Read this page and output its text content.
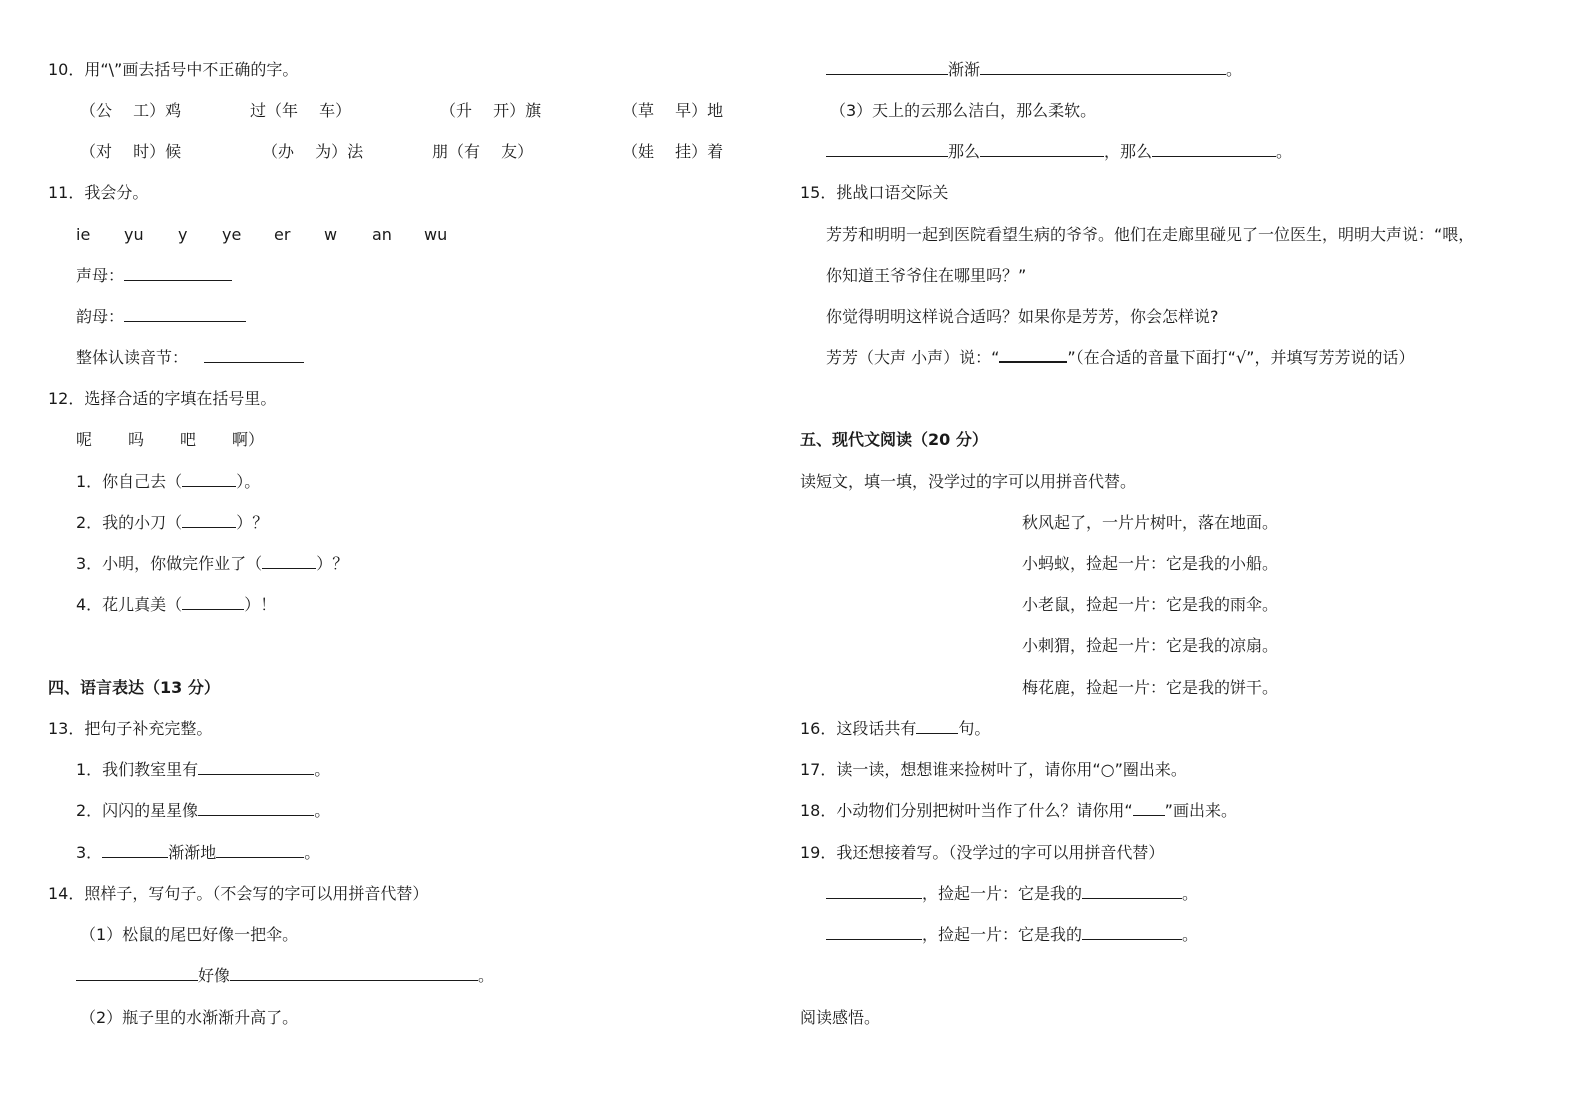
10．用“\”画去括号中不正确的字。
（公　 工）鸡	过（年　 车）	（升　 开）旗	（草　 早）地
（对　 时）候	（办　 为）法	朋（有　 友）	（娃　 挂）着
11．我会分。
ie	yu	y	ye	er	w	an	wu
声母：
韵母：
整体认读音节：
12．选择合适的字填在括号里。
呢	吗	吧	啊）
1．你自己去（	）。
2．我的小刀（	）？
3．小明，你做完作业了（	）？
4．花儿真美（	）！
四、语言表达（13 分）
13．把句子补充完整。
1．我们教室里有	。
2．闪闪的星星像	。
3．	渐渐地	。
14．照样子，写句子。（不会写的字可以用拼音代替）
（1）松鼠的尾巴好像一把伞。
好像	。
（2）瓶子里的水渐渐升高了。
渐渐	。
（3）天上的云那么洁白，那么柔软。
那么	，那么	。
15．挑战口语交际关
芳芳和明明一起到医院看望生病的爷爷。他们在走廊里碰见了一位医生，明明大声说：“喂，
你知道王爷爷住在哪里吗？”
你觉得明明这样说合适吗？如果你是芳芳，你会怎样说?
芳芳（大声 小声）说：“	”（在合适的音量下面打“√”，并填写芳芳说的话）
五、现代文阅读（20 分）
读短文，填一填，没学过的字可以用拼音代替。
秋风起了，一片片树叶，落在地面。
小蚂蚁，捡起一片：它是我的小船。
小老鼠，捡起一片：它是我的雨伞。
小刺猬，捡起一片：它是我的凉扇。
梅花鹿，捡起一片：它是我的饼干。
16．这段话共有	句。
17．读一读，想想谁来捡树叶了，请你用“○”圈出来。
18．小动物们分别把树叶当作了什么？请你用“ ”画出来。
19．我还想接着写。（没学过的字可以用拼音代替）
，捡起一片：它是我的	。
，捡起一片：它是我的	。
阅读感悟。
